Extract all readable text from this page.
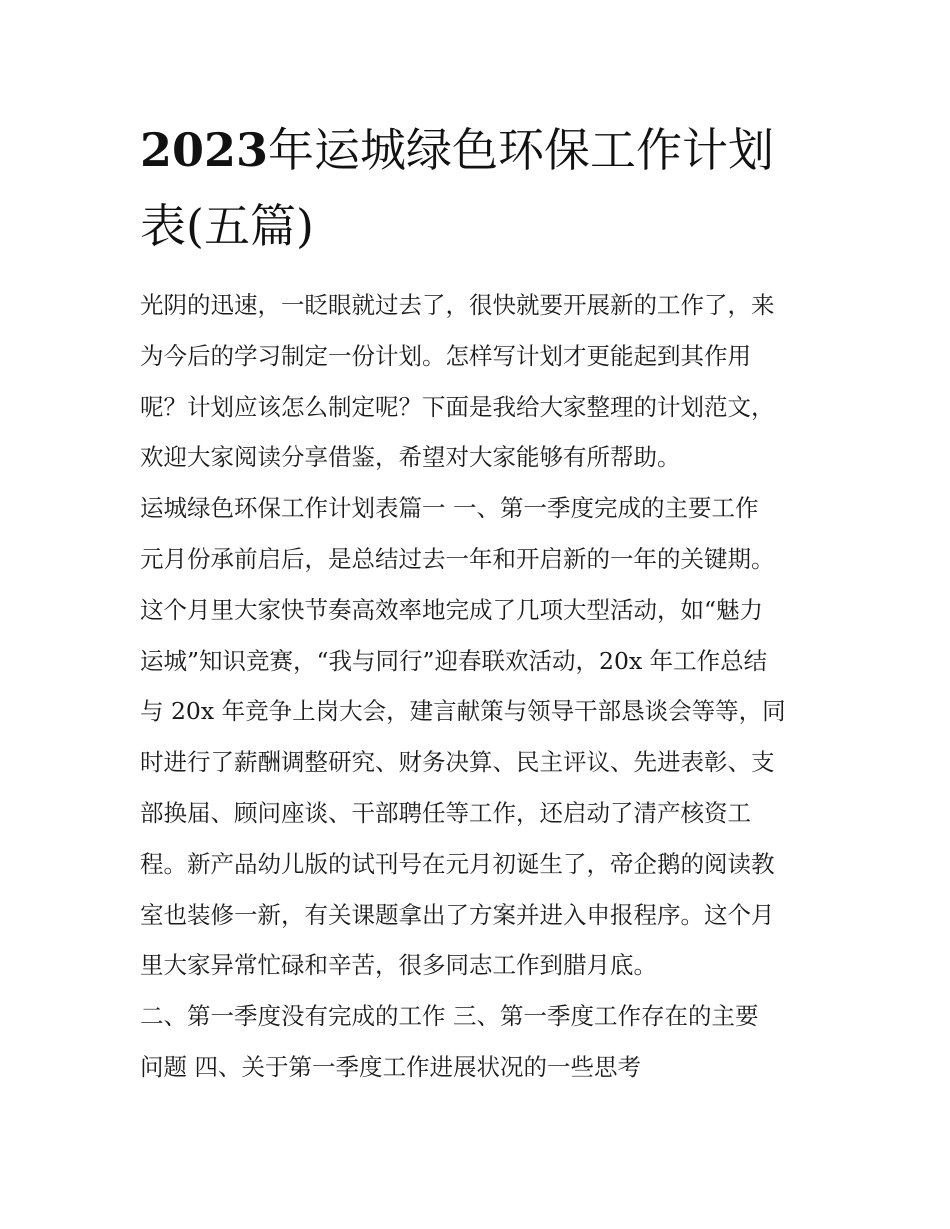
2023年运城绿色环保工作计划
表(五篇)
光阴的迅速，一眨眼就过去了，很快就要开展新的工作了，来
为今后的学习制定一份计划。怎样写计划才更能起到其作用
呢？计划应该怎么制定呢？下面是我给大家整理的计划范文，
欢迎大家阅读分享借鉴，希望对大家能够有所帮助。
运城绿色环保工作计划表篇一 一、第一季度完成的主要工作
元月份承前启后，是总结过去一年和开启新的一年的关键期。
这个月里大家快节奏高效率地完成了几项大型活动，如“魅力
运城”知识竞赛，“我与同行”迎春联欢活动，20x 年工作总结
与 20x 年竞争上岗大会，建言献策与领导干部恳谈会等等，同
时进行了薪酬调整研究、财务决算、民主评议、先进表彰、支
部换届、顾问座谈、干部聘任等工作，还启动了清产核资工
程。新产品幼儿版的试刊号在元月初诞生了，帝企鹅的阅读教
室也装修一新，有关课题拿出了方案并进入申报程序。这个月
里大家异常忙碌和辛苦，很多同志工作到腊月底。
二、第一季度没有完成的工作 三、第一季度工作存在的主要
问题 四、关于第一季度工作进展状况的一些思考
